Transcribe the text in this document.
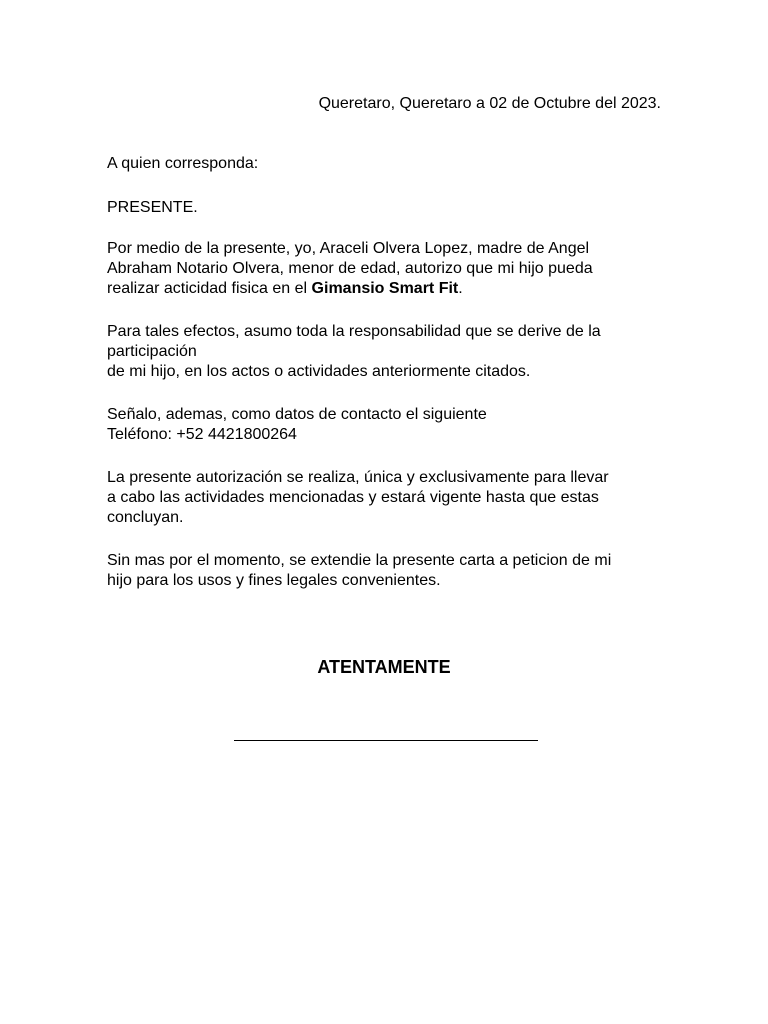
Queretaro, Queretaro a 02 de Octubre del 2023.
A quien corresponda:
PRESENTE.
Por medio de la presente, yo, Araceli Olvera Lopez, madre de Angel
Abraham Notario Olvera, menor de edad, autorizo que mi hijo pueda
realizar acticidad fisica en el Gimansio Smart Fit.
Para tales efectos, asumo toda la responsabilidad que se derive de la
participación
de mi hijo, en los actos o actividades anteriormente citados.
Señalo, ademas, como datos de contacto el siguiente
Teléfono: +52 4421800264
La presente autorización se realiza, única y exclusivamente para llevar
a cabo las actividades mencionadas y estará vigente hasta que estas
concluyan.
Sin mas por el momento, se extendie la presente carta a peticion de mi
hijo para los usos y fines legales convenientes.
ATENTAMENTE
